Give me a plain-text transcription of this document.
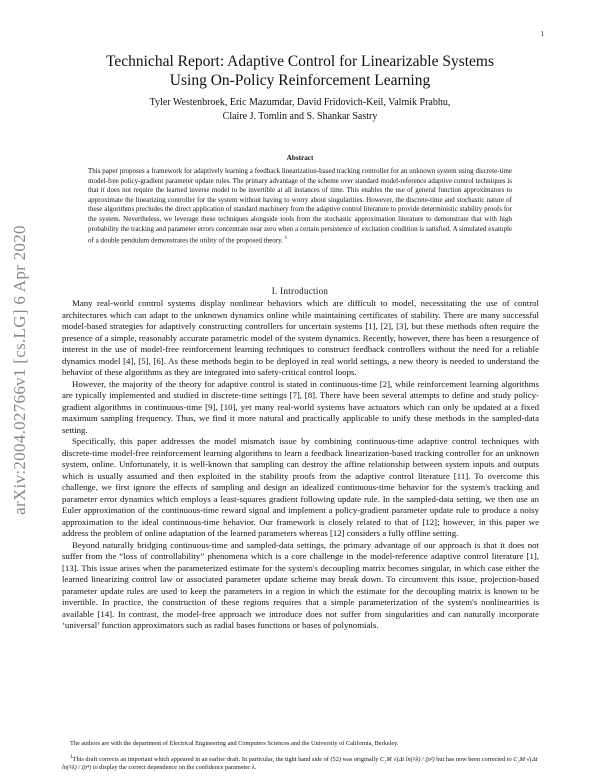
1
arXiv:2004.02766v1 [cs.LG] 6 Apr 2020
Technichal Report: Adaptive Control for Linearizable Systems
Using On-Policy Reinforcement Learning
Tyler Westenbroek, Eric Mazumdar, David Fridovich-Keil, Valmik Prabhu,
Claire J. Tomlin and S. Shankar Sastry
Abstract
This paper proposes a framework for adaptively learning a feedback linearization-based tracking controller for an unknown system using discrete-time model-free policy-gradient parameter update rules. The primary advantage of the scheme over standard model-reference adaptive control techniques is that it does not require the learned inverse model to be invertible at all instances of time. This enables the use of general function approximators to approximate the linearizing controller for the system without having to worry about singularities. However, the discrete-time and stochastic nature of these algorithms precludes the direct application of standard machinery from the adaptive control literature to provide deterministic stability proofs for the system. Nevertheless, we leverage these techniques alongside tools from the stochastic approximation literature to demonstrate that with high probability the tracking and parameter errors concentrate near zero when a certain persistence of excitation condition is satisfied. A simulated example of a double pendulum demonstrates the utility of the proposed theory. $^1$
I. Introduction

Many real-world control systems display nonlinear behaviors which are difficult to model, necessitating the use of control architectures which can adapt to the unknown dynamics online while maintaining certificates of stability. There are many successful model-based strategies for adaptively constructing controllers for uncertain systems [1], [2], [3], but these methods often require the presence of a simple, reasonably accurate parametric model of the system dynamics. Recently, however, there has been a resurgence of interest in the use of model-free reinforcement learning techniques to construct feedback controllers without the need for a reliable dynamics model [4], [5], [6]. As these methods begin to be deployed in real world settings, a new theory is needed to understand the behavior of these algorithms as they are integrated into safety-critical control loops.

However, the majority of the theory for adaptive control is stated in continuous-time [2], while reinforcement learning algorithms are typically implemented and studied in discrete-time settings [7], [8]. There have been several attempts to define and study policy-gradient algorithms in continuous-time [9], [10], yet many real-world systems have actuators which can only be updated at a fixed maximum sampling frequency. Thus, we find it more natural and practically applicable to unify these methods in the sampled-data setting.

Specifically, this paper addresses the model mismatch issue by combining continuous-time adaptive control techniques with discrete-time model-free reinforcement learning algorithms to learn a feedback linearization-based tracking controller for an unknown system, online. Unfortunately, it is well-known that sampling can destroy the affine relationship between system inputs and outputs which is usually assumed and then exploited in the stability proofs from the adaptive control literature [11]. To overcome this challenge, we first ignore the effects of sampling and design an idealized continuous-time behavior for the system's tracking and parameter error dynamics which employs a least-squares gradient following update rule. In the sampled-data setting, we then use an Euler approximation of the continuous-time reward signal and implement a policy-gradient parameter update rule to produce a noisy approximation to the ideal continuous-time behavior. Our framework is closely related to that of [12]; however, in this paper we address the problem of online adaptation of the learned parameters whereas [12] considers a fully offline setting.

Beyond naturally bridging continuous-time and sampled-data settings, the primary advantage of our approach is that it does not suffer from the “loss of controllability” phenomena which is a core challenge in the model-reference adaptive control literature [1], [13]. This issue arises when the parameterized estimate for the system's decoupling matrix becomes singular, in which case either the learned linearizing control law or associated parameter update scheme may break down. To circumvent this issue, projection-based parameter update rules are used to keep the parameters in a region in which the estimate for the decoupling matrix is known to be invertible. In practice, the construction of these regions requires that a simple parameterization of the system's nonlinearities is available [14]. In contrast, the model-free approach we introduce does not suffer from singularities and can naturally incorporate ‘universal’ function approximators such as radial bases functions or bases of polynomials.

The authors are with the department of Electrical Engineering and Computers Sciences and the University of California, Berkeley.

$^1$This draft corrects an important which appeared in an earlier draft. In particular, the tight hand side of (52) was originally C₂M √(Δt ln(²⁄λ) / ζσ²) but has now been corrected to C₂M √(Δt ln(²⁄λ) / ζσ⁴) to display the correct dependence on the confidence parameter λ.
